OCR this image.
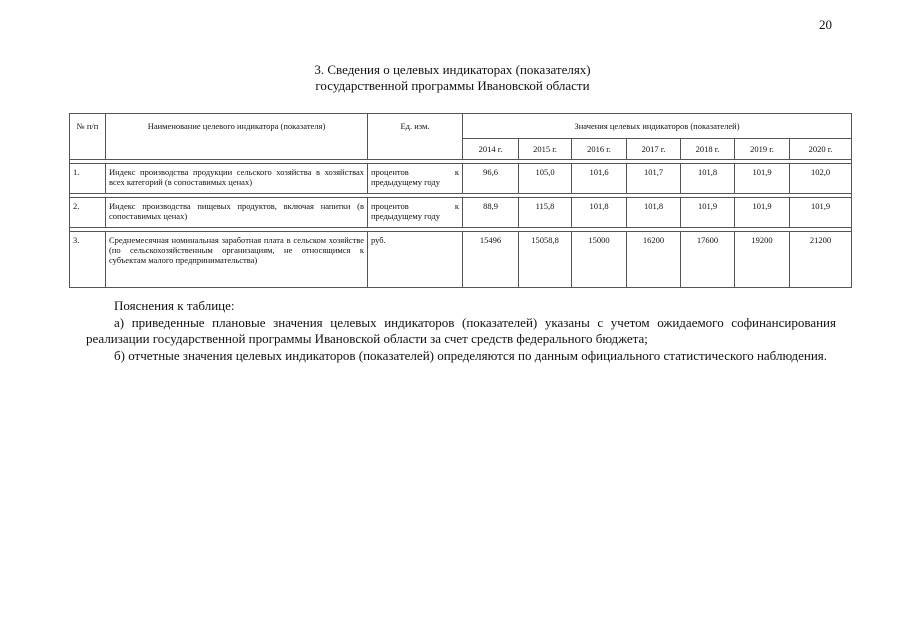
20
3. Сведения о целевых индикаторах (показателях)
государственной программы Ивановской области
№ п/п	Наименование целевого индикатора (показателя)	Ед. изм.	Значения целевых индикаторов (показателей)						
			2014 г.	2015 г.	2016 г.	2017 г.	2018 г.	2019 г.	2020 г.

1.	Индекс производства продукции сельского хозяйства в хозяйствах всех категорий (в сопоставимых ценах)	процентов к
предыдущему году	96,6	105,0	101,6	101,7	101,8	101,9	102,0

2.	Индекс производства пищевых продуктов, включая напитки (в сопоставимых ценах)	процентов к
предыдущему году	88,9	115,8	101,8	101,8	101,9	101,9	101,9

3.	Среднемесячная номинальная заработная плата в сельском хозяйстве (по сельскохозяйственным организациям, не относящимся к субъектам малого предпринимательства)	руб.	15496	15058,8	15000	16200	17600	19200	21200

Пояснения к таблице:

а) приведенные плановые значения целевых индикаторов (показателей) указаны с учетом ожидаемого софинансирования реализации государственной программы Ивановской области за счет средств федерального бюджета;

б) отчетные значения целевых индикаторов (показателей) определяются по данным официального статистического наблюдения.
